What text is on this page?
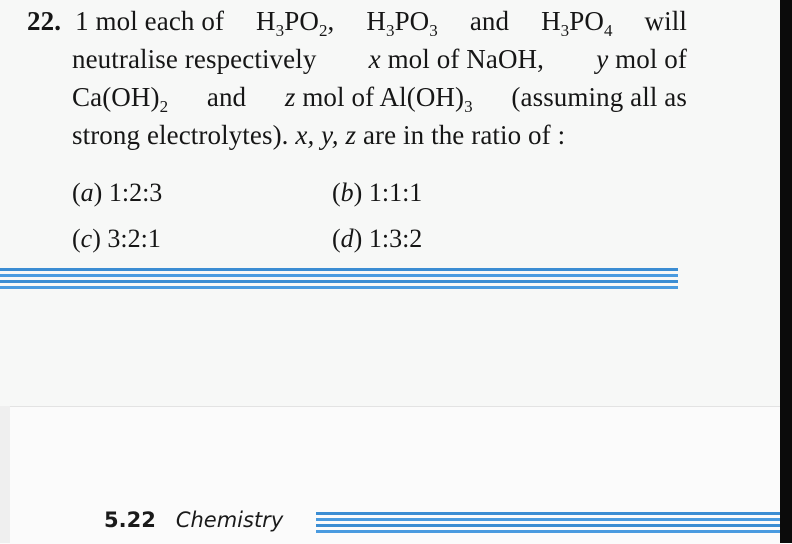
22. 1 mol each of $H_3PO_2$, $H_3PO_3$ and $H_3PO_4$ will
neutralise respectively x mol of NaOH, y mol of
$Ca(OH)_2$ and z mol of $Al(OH)_3$ (assuming all as
strong electrolytes). x, y, z are in the ratio of :
(a) 1:2:3	(b) 1:1:1
(c) 3:2:1	(d) 1:3:2
5.22 Chemistry
